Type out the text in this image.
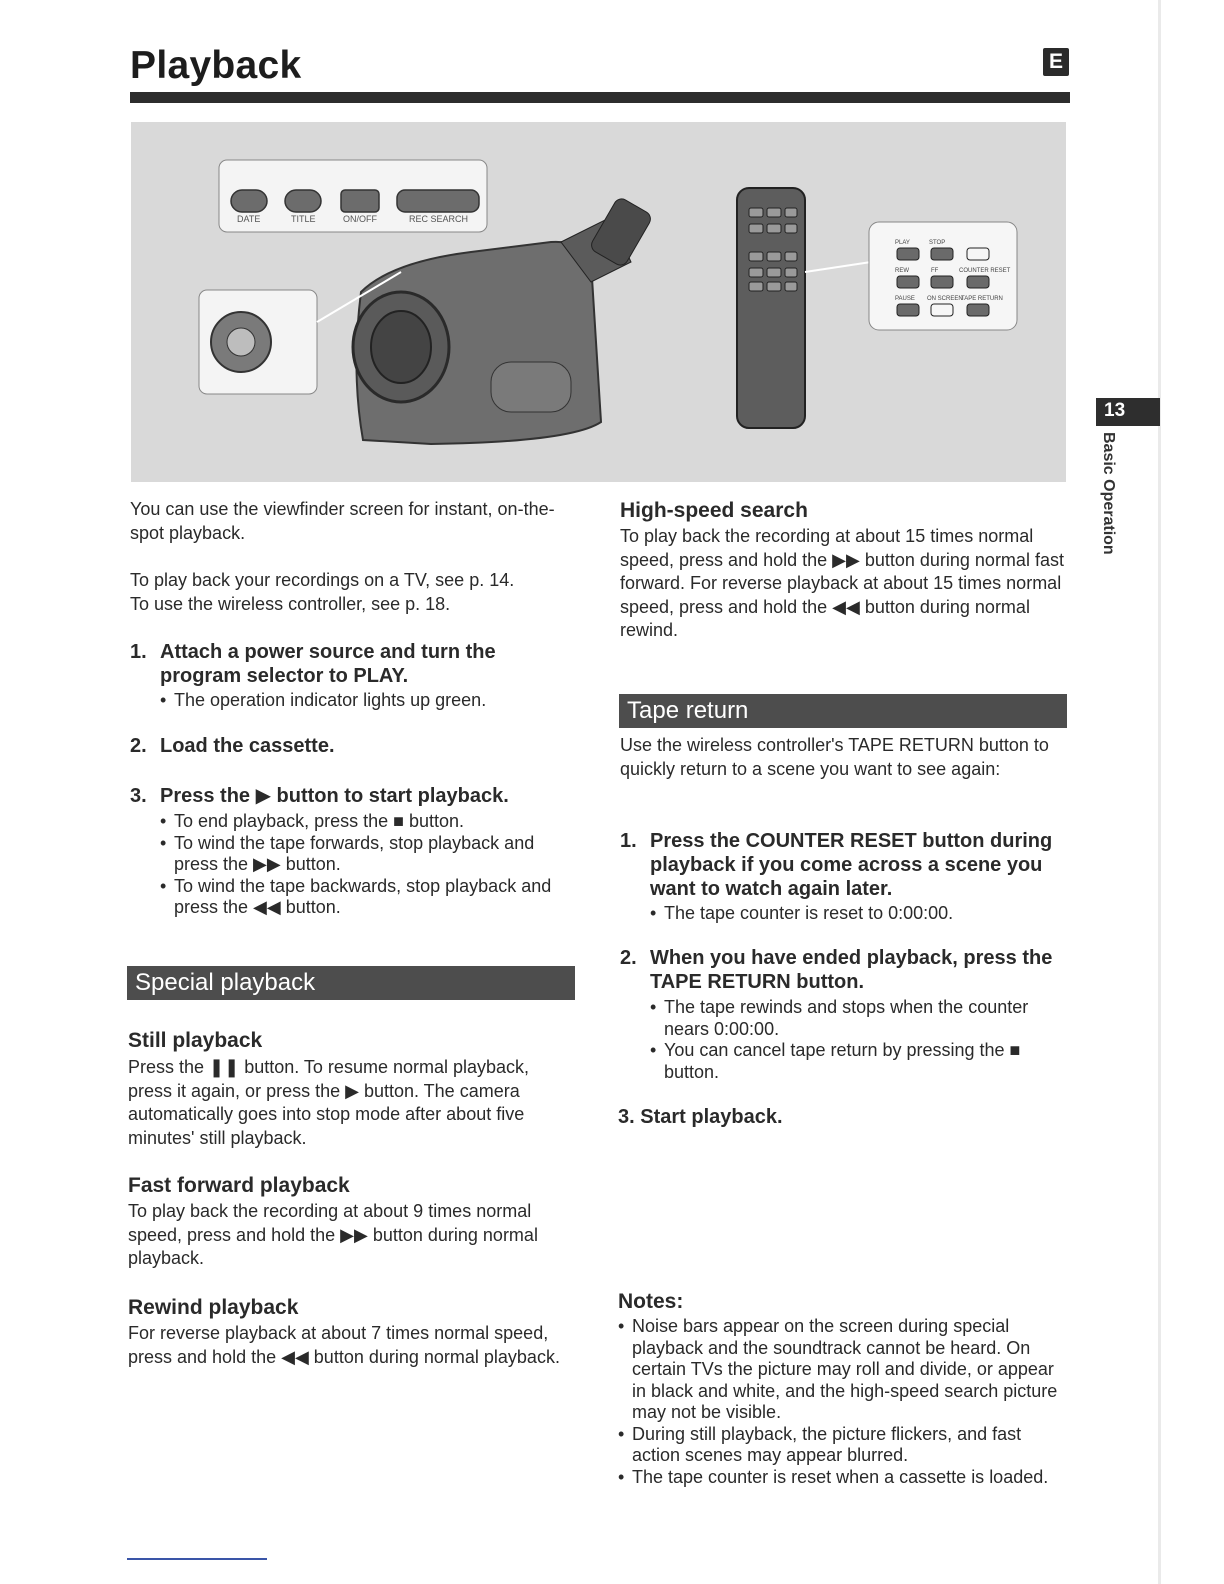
Playback	E
DATE	TITLE	ON/OFF	REC SEARCH
PLAY	STOP
REW	FF
PAUSE ON SCREEN
COUNTER RESET
TAPE RETURN
13
Basic Operation

You can use the viewfinder screen for instant, on-the-spot playback.

To play back your recordings on a TV, see p. 14.

To use the wireless controller, see p. 18.

1. Attach a power source and turn the program selector to PLAY.
• The operation indicator lights up green.
2. Load the cassette.
3. Press the ▶ button to start playback.
• To end playback, press the ■ button.
• To wind the tape forwards, stop playback and press the ▶▶ button.
• To wind the tape backwards, stop playback and press the ◀◀ button.
Special playback
Still playback
Press the ❚❚ button. To resume normal playback, press it again, or press the ▶ button. The camera automatically goes into stop mode after about five minutes' still playback.
Fast forward playback
To play back the recording at about 9 times normal speed, press and hold the ▶▶ button during normal playback.
Rewind playback
For reverse playback at about 7 times normal speed, press and hold the ◀◀ button during normal playback.
High-speed search
To play back the recording at about 15 times normal speed, press and hold the ▶▶ button during normal fast forward. For reverse playback at about 15 times normal speed, press and hold the ◀◀ button during normal rewind.
Tape return
Use the wireless controller's TAPE RETURN button to quickly return to a scene you want to see again:
1. Press the COUNTER RESET button during playback if you come across a scene you want to watch again later.
• The tape counter is reset to 0:00:00.
2. When you have ended playback, press the TAPE RETURN button.
• The tape rewinds and stops when the counter nears 0:00:00.
• You can cancel tape return by pressing the ■ button.
3. Start playback.
Notes:
• Noise bars appear on the screen during special playback and the soundtrack cannot be heard. On certain TVs the picture may roll and divide, or appear in black and white, and the high-speed search picture may not be visible.
• During still playback, the picture flickers, and fast action scenes may appear blurred.
• The tape counter is reset when a cassette is loaded.
